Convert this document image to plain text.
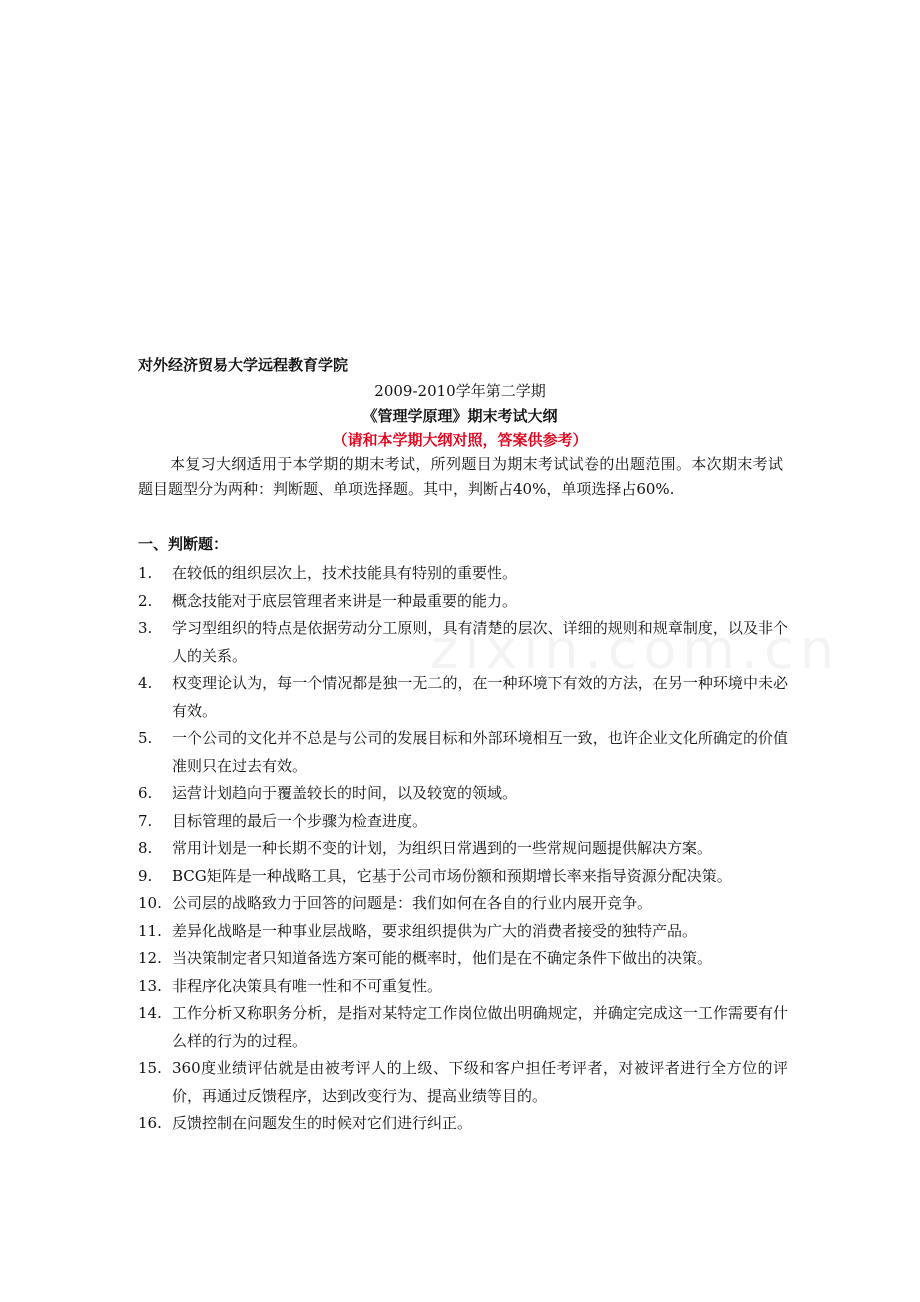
对外经济贸易大学远程教育学院
2009-2010学年第二学期
《管理学原理》期末考试大纲
（请和本学期大纲对照，答案供参考）

本复习大纲适用于本学期的期末考试，所列题目为期末考试试卷的出题范围。本次期末考试题目题型分为两种：判断题、单项选择题。其中，判断占40%，单项选择占60%.

一、判断题：
1. 在较低的组织层次上，技术技能具有特别的重要性。
2. 概念技能对于底层管理者来讲是一种最重要的能力。
3. 学习型组织的特点是依据劳动分工原则，具有清楚的层次、详细的规则和规章制度，以及非个人的关系。
4. 权变理论认为，每一个情况都是独一无二的，在一种环境下有效的方法，在另一种环境中未必有效。
5. 一个公司的文化并不总是与公司的发展目标和外部环境相互一致，也许企业文化所确定的价值准则只在过去有效。
6. 运营计划趋向于覆盖较长的时间，以及较宽的领域。
7. 目标管理的最后一个步骤为检查进度。
8. 常用计划是一种长期不变的计划，为组织日常遇到的一些常规问题提供解决方案。
9. BCG矩阵是一种战略工具，它基于公司市场份额和预期增长率来指导资源分配决策。
10. 公司层的战略致力于回答的问题是：我们如何在各自的行业内展开竞争。
11. 差异化战略是一种事业层战略，要求组织提供为广大的消费者接受的独特产品。
12. 当决策制定者只知道备选方案可能的概率时，他们是在不确定条件下做出的决策。
13. 非程序化决策具有唯一性和不可重复性。
14. 工作分析又称职务分析，是指对某特定工作岗位做出明确规定，并确定完成这一工作需要有什么样的行为的过程。
15. 360度业绩评估就是由被考评人的上级、下级和客户担任考评者，对被评者进行全方位的评价，再通过反馈程序，达到改变行为、提高业绩等目的。
16. 反馈控制在问题发生的时候对它们进行纠正。
